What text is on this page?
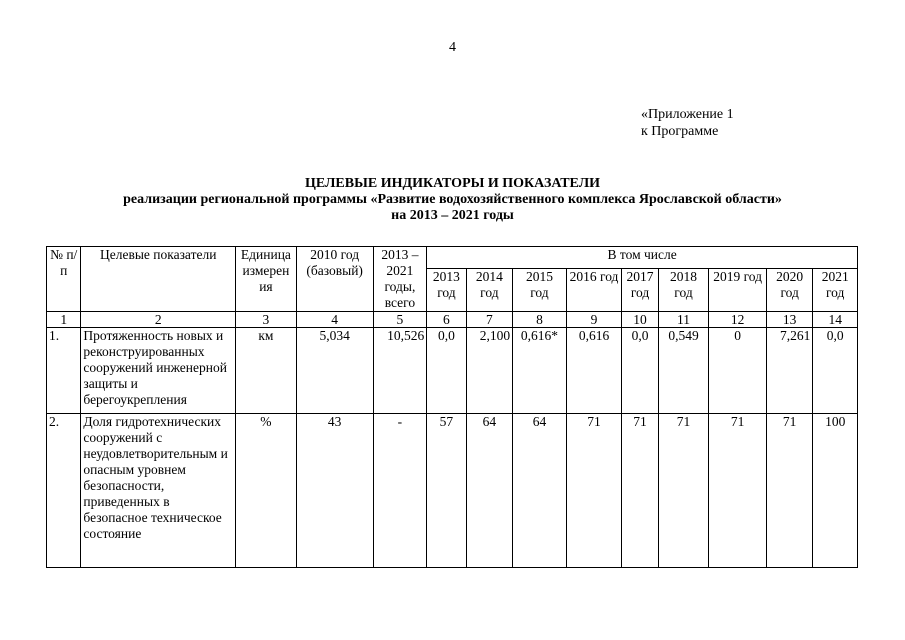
4
«Приложение 1
к Программе
ЦЕЛЕВЫЕ ИНДИКАТОРЫ И ПОКАЗАТЕЛИ
реализации региональной программы «Развитие водохозяйственного комплекса Ярославской области»
на 2013 – 2021 годы
№ п/п	Целевые показатели	Единица измерен ия	2010 год (базовый)	2013 – 2021 годы, всего	В том числе								
					2013 год	2014 год	2015 год	2016 год	2017 год	2018 год	2019 год	2020 год	2021 год
1	2	3	4	5	6	7	8	9	10	11	12	13	14
1.	Протяженность новых и реконструированных сооружений инженерной защиты и берегоукрепления	км	5,034	10,526	0,0	2,100	0,616*	0,616	0,0	0,549	0	7,261	0,0
2.	Доля гидротехнических сооружений с неудовлетворительным и опасным уровнем безопасности, приведенных в безопасное техническое состояние	%	43	-	57	64	64	71	71	71	71	71	100
